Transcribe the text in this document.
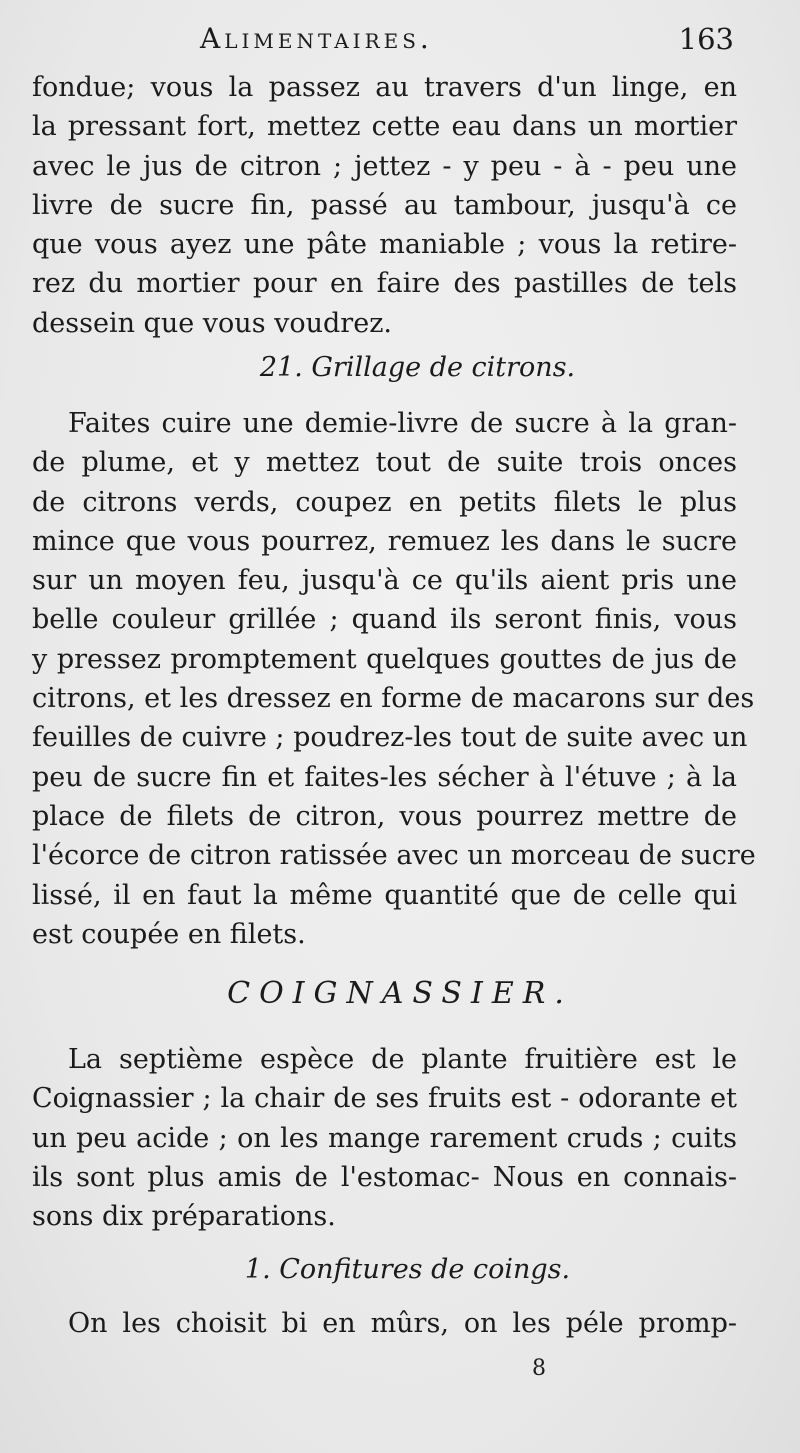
Alimentaires.	163
fondue; vous la passez au travers d'un linge, en
la pressant fort, mettez cette eau dans un mortier
avec le jus de citron ; jettez - y peu - à - peu une
livre de sucre ﬁn, passé au tambour, jusqu'à ce
que vous ayez une pâte maniable ; vous la retire-
rez du mortier pour en faire des pastilles de tels
dessein que vous voudrez.
21. Grillage de citrons.
Faites cuire une demie-livre de sucre à la gran-
de plume, et y mettez tout de suite trois onces
de citrons verds, coupez en petits ﬁlets le plus
mince que vous pourrez, remuez les dans le sucre
sur un moyen feu, jusqu'à ce qu'ils aient pris une
belle couleur grillée ; quand ils seront ﬁnis, vous
y pressez promptement quelques gouttes de jus de
citrons, et les dressez en forme de macarons sur des
feuilles de cuivre ; poudrez-les tout de suite avec un
peu de sucre ﬁn et faites-les sécher à l'étuve ; à la
place de ﬁlets de citron, vous pourrez mettre de
l'écorce de citron ratissée avec un morceau de sucre
lissé, il en faut la même quantité que de celle qui
est coupée en ﬁlets.
COIGNASSIER.
La septième espèce de plante fruitière est le
Coignassier ; la chair de ses fruits est - odorante et
un peu acide ; on les mange rarement cruds ; cuits
ils sont plus amis de l'estomac- Nous en connais-
sons dix préparations.
1. Confitures de coings.
On les choisit bi en mûrs, on les péle promp-
8
